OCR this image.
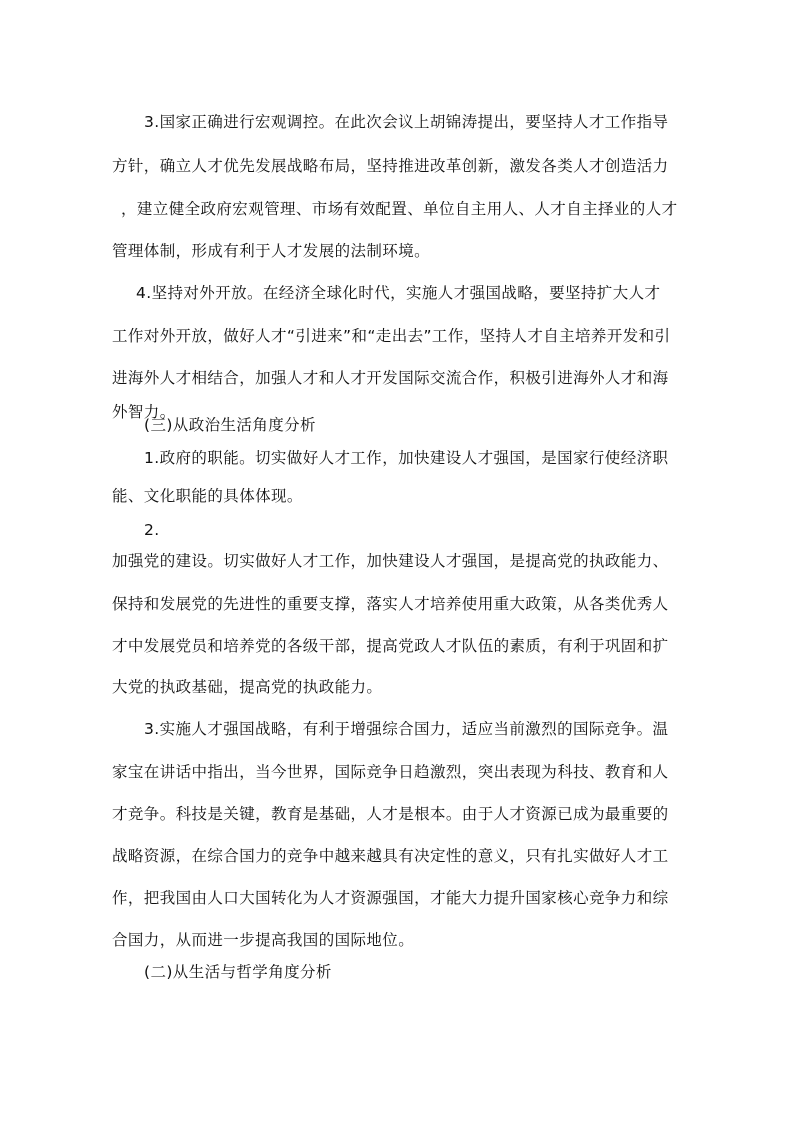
3.国家正确进行宏观调控。在此次会议上胡锦涛提出，要坚持人才工作指导
方针，确立人才优先发展战略布局，坚持推进改革创新，激发各类人才创造活力
，建立健全政府宏观管理、市场有效配置、单位自主用人、人才自主择业的人才
管理体制，形成有利于人才发展的法制环境。
4.坚持对外开放。在经济全球化时代，实施人才强国战略，要坚持扩大人才
工作对外开放，做好人才“引进来”和“走出去”工作，坚持人才自主培养开发和引
进海外人才相结合，加强人才和人才开发国际交流合作，积极引进海外人才和海
外智力。
(三)从政治生活角度分析
1.政府的职能。切实做好人才工作，加快建设人才强国，是国家行使经济职
能、文化职能的具体体现。
2.
加强党的建设。切实做好人才工作，加快建设人才强国，是提高党的执政能力、
保持和发展党的先进性的重要支撑，落实人才培养使用重大政策，从各类优秀人
才中发展党员和培养党的各级干部，提高党政人才队伍的素质，有利于巩固和扩
大党的执政基础，提高党的执政能力。
3.实施人才强国战略，有利于增强综合国力，适应当前激烈的国际竞争。温
家宝在讲话中指出，当今世界，国际竞争日趋激烈，突出表现为科技、教育和人
才竞争。科技是关键，教育是基础，人才是根本。由于人才资源已成为最重要的
战略资源，在综合国力的竞争中越来越具有决定性的意义，只有扎实做好人才工
作，把我国由人口大国转化为人才资源强国，才能大力提升国家核心竞争力和综
合国力，从而进一步提高我国的国际地位。
(二)从生活与哲学角度分析
